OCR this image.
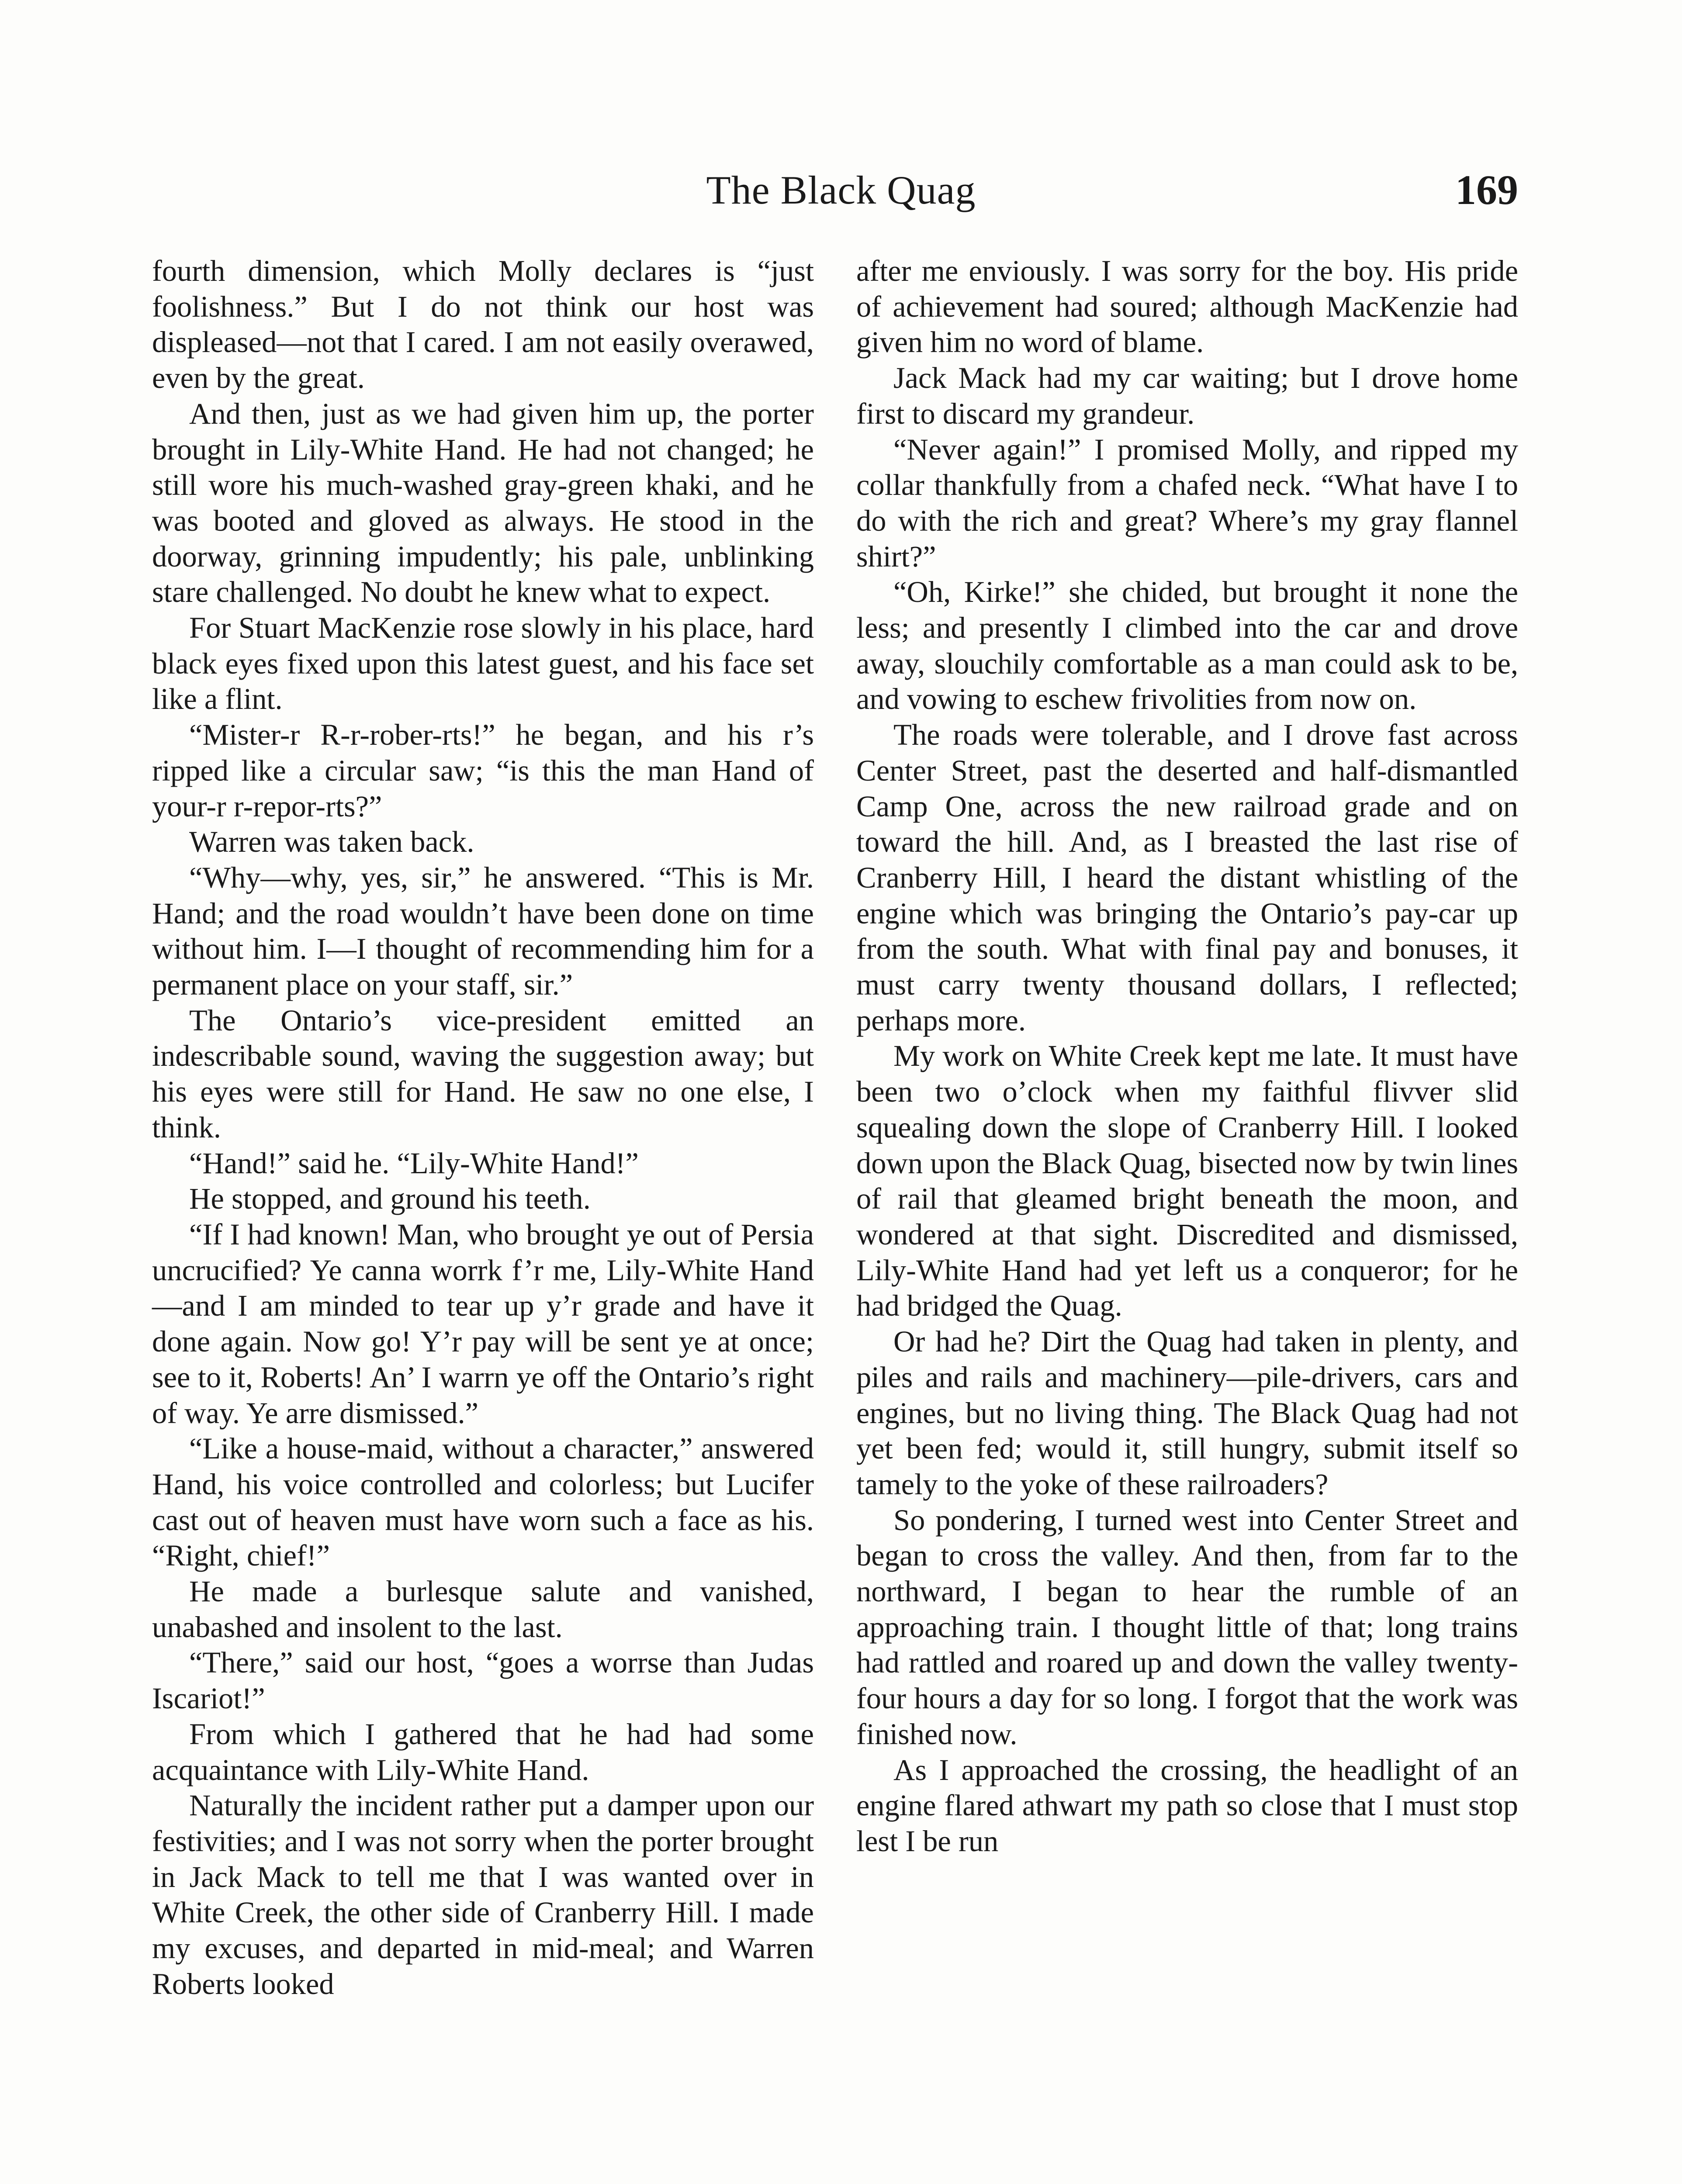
The Black Quag	169

fourth dimension, which Molly declares is “just foolishness.” But I do not think our host was displeased—not that I cared. I am not easily overawed, even by the great.

And then, just as we had given him up, the porter brought in Lily-White Hand. He had not changed; he still wore his much-washed gray-green khaki, and he was booted and gloved as always. He stood in the doorway, grinning impudently; his pale, unblinking stare challenged. No doubt he knew what to expect.

For Stuart MacKenzie rose slowly in his place, hard black eyes fixed upon this latest guest, and his face set like a flint.

“Mister-r R-r-rober-rts!” he began, and his r’s ripped like a circular saw; “is this the man Hand of your-r r-repor-rts?”

Warren was taken back.

“Why—why, yes, sir,” he answered. “This is Mr. Hand; and the road wouldn’t have been done on time without him. I—I thought of recommending him for a permanent place on your staff, sir.”

The Ontario’s vice-president emitted an indescribable sound, waving the suggestion away; but his eyes were still for Hand. He saw no one else, I think.

“Hand!” said he. “Lily-White Hand!”

He stopped, and ground his teeth.

“If I had known! Man, who brought ye out of Persia uncrucified? Ye canna worrk f’r me, Lily-White Hand—and I am minded to tear up y’r grade and have it done again. Now go! Y’r pay will be sent ye at once; see to it, Roberts! An’ I warrn ye off the Ontario’s right of way. Ye arre dismissed.”

“Like a house-maid, without a character,” answered Hand, his voice controlled and colorless; but Lucifer cast out of heaven must have worn such a face as his. “Right, chief!”

He made a burlesque salute and vanished, unabashed and insolent to the last.

“There,” said our host, “goes a worrse than Judas Iscariot!”

From which I gathered that he had had some acquaintance with Lily-White Hand.

Naturally the incident rather put a damper upon our festivities; and I was not sorry when the porter brought in Jack Mack to tell me that I was wanted over in White Creek, the other side of Cranberry Hill. I made my excuses, and departed in mid-meal; and Warren Roberts looked

after me enviously. I was sorry for the boy. His pride of achievement had soured; although MacKenzie had given him no word of blame.

Jack Mack had my car waiting; but I drove home first to discard my grandeur.

“Never again!” I promised Molly, and ripped my collar thankfully from a chafed neck. “What have I to do with the rich and great? Where’s my gray flannel shirt?”

“Oh, Kirke!” she chided, but brought it none the less; and presently I climbed into the car and drove away, slouchily comfortable as a man could ask to be, and vowing to eschew frivolities from now on.

The roads were tolerable, and I drove fast across Center Street, past the deserted and half-dismantled Camp One, across the new railroad grade and on toward the hill. And, as I breasted the last rise of Cranberry Hill, I heard the distant whistling of the engine which was bringing the Ontario’s pay-car up from the south. What with final pay and bonuses, it must carry twenty thousand dollars, I reflected; perhaps more.

My work on White Creek kept me late. It must have been two o’clock when my faithful flivver slid squealing down the slope of Cranberry Hill. I looked down upon the Black Quag, bisected now by twin lines of rail that gleamed bright beneath the moon, and wondered at that sight. Discredited and dismissed, Lily-White Hand had yet left us a conqueror; for he had bridged the Quag.

Or had he? Dirt the Quag had taken in plenty, and piles and rails and machinery—pile-drivers, cars and engines, but no living thing. The Black Quag had not yet been fed; would it, still hungry, submit itself so tamely to the yoke of these railroaders?

So pondering, I turned west into Center Street and began to cross the valley. And then, from far to the northward, I began to hear the rumble of an approaching train. I thought little of that; long trains had rattled and roared up and down the valley twenty-four hours a day for so long. I forgot that the work was finished now.

As I approached the crossing, the headlight of an engine flared athwart my path so close that I must stop lest I be run
